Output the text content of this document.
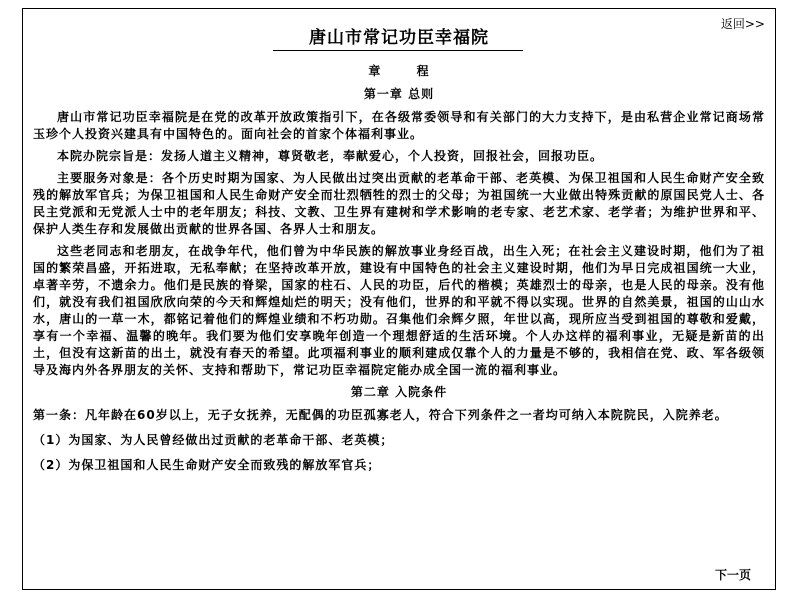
返回>>
唐山市常记功臣幸福院
章 程
第一章 总则

唐山市常记功臣幸福院是在党的改革开放政策指引下，在各级常委领导和有关部门的大力支持下，是由私营企业常记商场常玉珍个人投资兴建具有中国特色的。面向社会的首家个体福利事业。

本院办院宗旨是：发扬人道主义精神，尊贤敬老，奉献爱心，个人投资，回报社会，回报功臣。

主要服务对象是：各个历史时期为国家、为人民做出过突出贡献的老革命干部、老英模、为保卫祖国和人民生命财产安全致残的解放军官兵；为保卫祖国和人民生命财产安全而壮烈牺牲的烈士的父母；为祖国统一大业做出特殊贡献的原国民党人士、各民主党派和无党派人士中的老年朋友；科技、文教、卫生界有建树和学术影响的老专家、老艺术家、老学者；为维护世界和平、保护人类生存和发展做出贡献的世界各国、各界人士和朋友。

这些老同志和老朋友，在战争年代，他们曾为中华民族的解放事业身经百战，出生入死；在社会主义建设时期，他们为了祖国的繁荣昌盛，开拓进取，无私奉献；在坚持改革开放，建设有中国特色的社会主义建设时期，他们为早日完成祖国统一大业，卓著辛劳，不遗余力。他们是民族的脊梁，国家的柱石、人民的功臣，后代的楷模；英雄烈士的母亲，也是人民的母亲。没有他们，就没有我们祖国欣欣向荣的今天和辉煌灿烂的明天；没有他们，世界的和平就不得以实现。世界的自然美景，祖国的山山水水，唐山的一草一木，都铭记着他们的辉煌业绩和不朽功勋。召集他们余辉夕照，年世以高，现所应当受到祖国的尊敬和爱戴，享有一个幸福、温馨的晚年。我们要为他们安享晚年创造一个理想舒适的生活环境。个人办这样的福利事业，无疑是新苗的出土，但没有这新苗的出土，就没有春天的希望。此项福利事业的顺利建成仅靠个人的力量是不够的，我相信在党、政、军各级领导及海内外各界朋友的关怀、支持和帮助下，常记功臣幸福院定能办成全国一流的福利事业。

第二章 入院条件

第一条：凡年龄在60岁以上，无子女抚养，无配偶的功臣孤寡老人，符合下列条件之一者均可纳入本院院民，入院养老。

（1）为国家、为人民曾经做出过贡献的老革命干部、老英模；

（2）为保卫祖国和人民生命财产安全而致残的解放军官兵；

下一页
